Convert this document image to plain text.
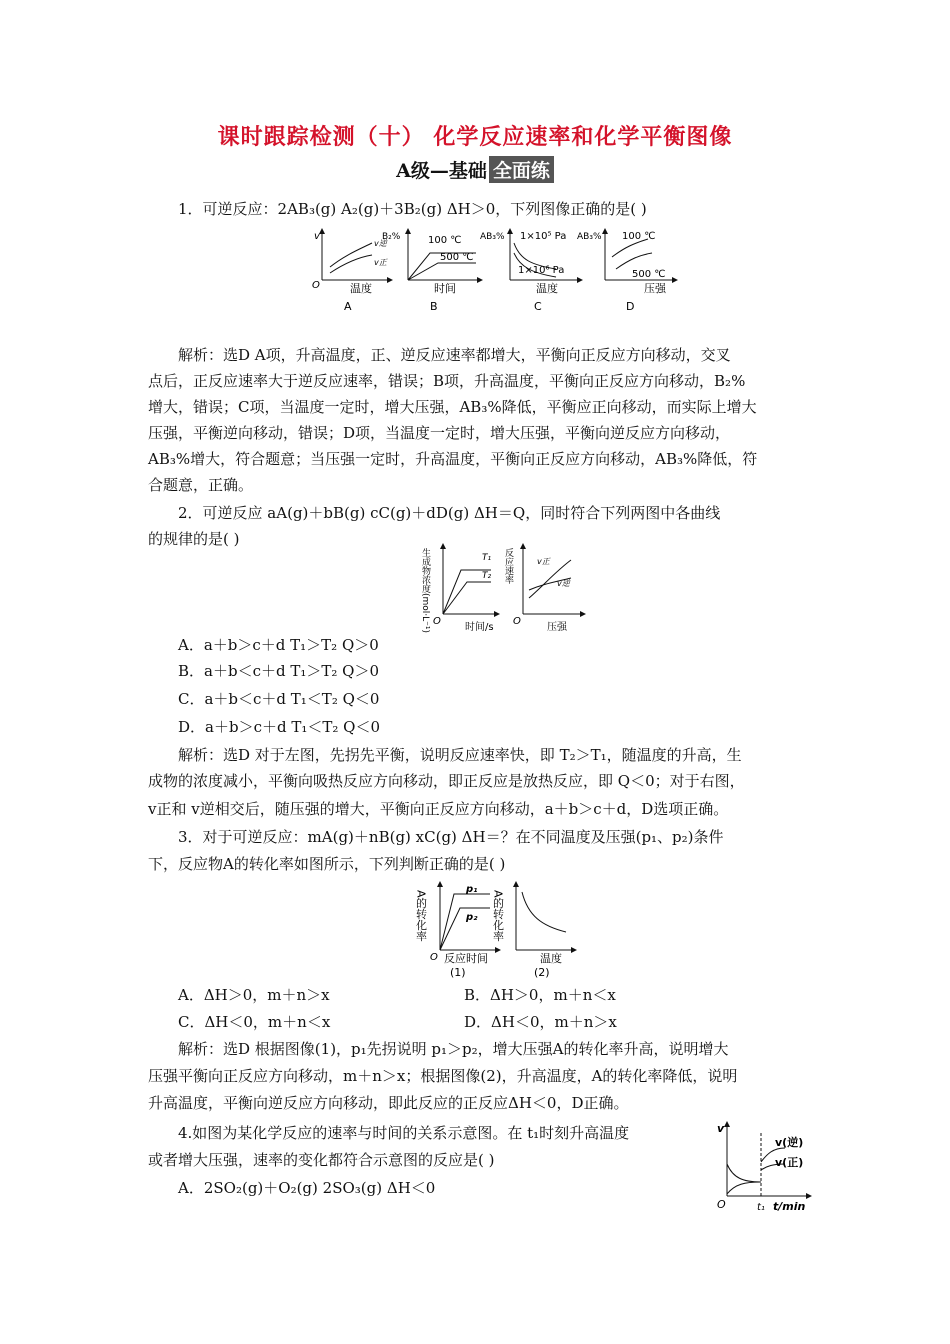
课时跟踪检测（十） 化学反应速率和化学平衡图像
A级—基础 全面练
1．可逆反应：2AB₃(g) A₂(g)＋3B₂(g) ΔH＞0，下列图像正确的是( )
v
O
v逆
v正
温度
A
B₂%	100 ℃
500 ℃
时间
B
AB₃% 1×10⁵ Pa
1×10⁶ Pa
温度
C
AB₃% 100 ℃
500 ℃
压强
D
解析：选D A项，升高温度，正、逆反应速率都增大，平衡向正反应方向移动，交叉
点后，正反应速率大于逆反应速率，错误；B项，升高温度，平衡向正反应方向移动，B₂%
增大，错误；C项，当温度一定时，增大压强，AB₃%降低，平衡应正向移动，而实际上增大
压强，平衡逆向移动，错误；D项，当温度一定时，增大压强，平衡向逆反应方向移动，
AB₃%增大，符合题意；当压强一定时，升高温度，平衡向正反应方向移动，AB₃%降低，符
合题意，正确。
2．可逆反应 aA(g)＋bB(g) cC(g)＋dD(g) ΔH＝Q，同时符合下列两图中各曲线
的规律的是( )
生成物浓度(mol·L⁻¹) O
T₁
T₂
时间/s
反应速率
O
v正
v逆
压强
A．a＋b＞c＋d T₁＞T₂ Q＞0
B．a＋b＜c＋d T₁＞T₂ Q＞0
C．a＋b＜c＋d T₁＜T₂ Q＜0
D．a＋b＞c＋d T₁＜T₂ Q＜0
解析：选D 对于左图，先拐先平衡，说明反应速率快，即 T₂＞T₁，随温度的升高，生
成物的浓度减小，平衡向吸热反应方向移动，即正反应是放热反应，即 Q＜0；对于右图，
v正和 v逆相交后，随压强的增大，平衡向正反应方向移动，a＋b＞c＋d，D选项正确。
3．对于可逆反应：mA(g)＋nB(g) xC(g) ΔH＝？在不同温度及压强(p₁、p₂)条件
下，反应物A的转化率如图所示，下列判断正确的是( )
A的转化率
O
p₁
p₂
反应时间
(1)
A的转化率
温度
(2)
A．ΔH＞0，m＋n＞x	B．ΔH＞0，m＋n＜x
C．ΔH＜0，m＋n＜x	D．ΔH＜0，m＋n＞x
解析：选D 根据图像(1)，p₁先拐说明 p₁＞p₂，增大压强A的转化率升高，说明增大
压强平衡向正反应方向移动，m＋n＞x；根据图像(2)，升高温度，A的转化率降低，说明
升高温度，平衡向逆反应方向移动，即此反应的正反应ΔH＜0，D正确。
4.如图为某化学反应的速率与时间的关系示意图。在 t₁时刻升高温度
或者增大压强，速率的变化都符合示意图的反应是( )
A．2SO₂(g)＋O₂(g) 2SO₃(g) ΔH＜0
v
O	t₁ t/min
v(逆)
v(正)
